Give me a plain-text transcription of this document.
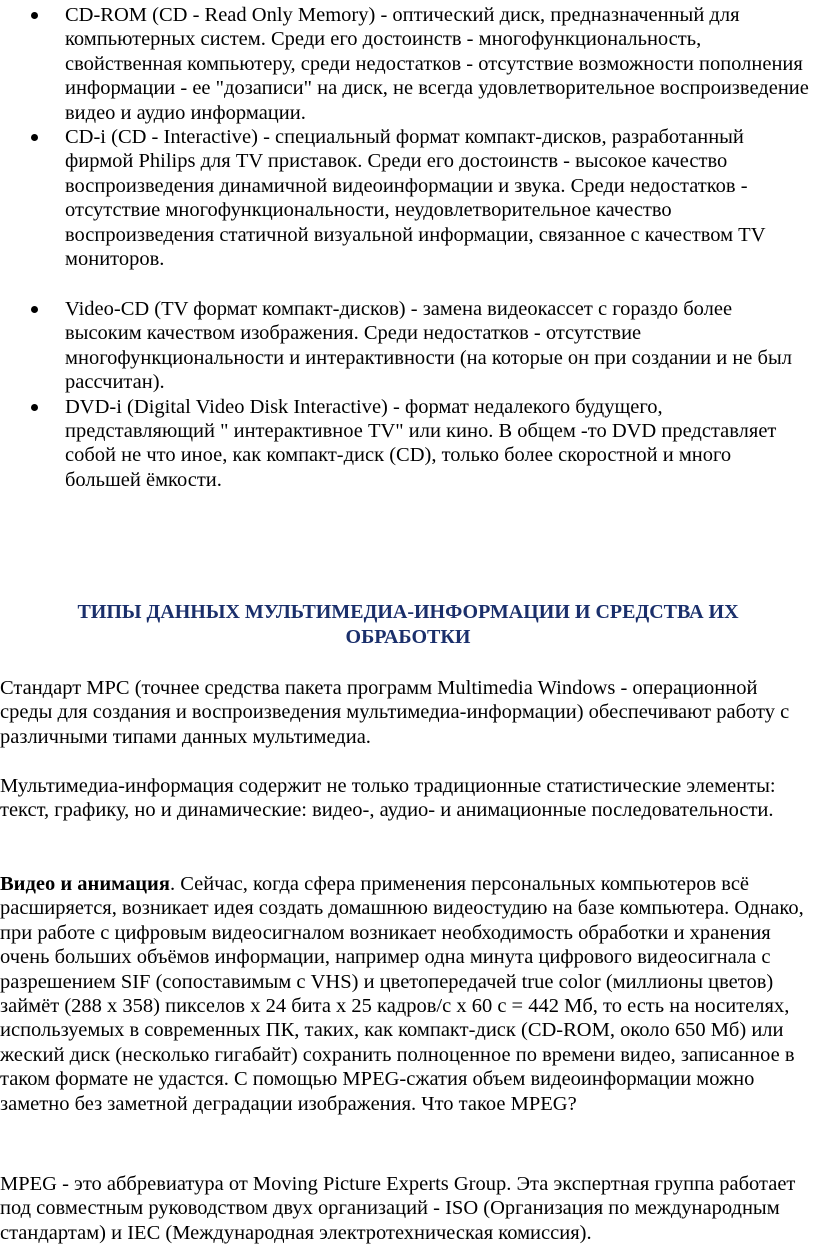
CD-ROM (CD - Read Only Memory) - оптический диск, предназначенный для компьютерных систем. Среди его достоинств - многофункциональность, свойственная компьютеру, среди недостатков - отсутствие возможности пополнения информации - ее "дозаписи" на диск, не всегда удовлетворительное воспроизведение видео и аудио информации.
CD-i (CD - Interactive) - специальный формат компакт-дисков, разработанный фирмой Philips для TV приставок. Среди его достоинств - высокое качество воспроизведения динамичной видеоинформации и звука. Среди недостатков - отсутствие многофункциональности, неудовлетворительное качество воспроизведения статичной визуальной информации, связанное с качеством TV мониторов.
Video-CD (TV формат компакт-дисков) - замена видеокассет с гораздо более высоким качеством изображения. Среди недостатков - отсутствие многофункциональности и интерактивности (на которые он при создании и не был рассчитан).
DVD-i (Digital Video Disk Interactive) - формат недалекого будущего, представляющий " интерактивное TV" или кино. В общем -то DVD представляет собой не что иное, как компакт-диск (CD), только более скоростной и много большей ёмкости.
ТИПЫ ДАННЫХ МУЛЬТИМЕДИА-ИНФОРМАЦИИ И СРЕДСТВА ИХ
ОБРАБОТКИ

Стандарт MPC (точнее средства пакета программ Multimedia Windows - операционной среды для создания и воспроизведения мультимедиа-информации) обеспечивают работу с различными типами данных мультимедиа.

Мультимедиа-информация содержит не только традиционные статистические элементы: текст, графику, но и динамические: видео-, аудио- и анимационные последовательности.

Видео и анимация. Сейчас, когда сфера применения персональных компьютеров всё расширяется, возникает идея создать домашнюю видеостудию на базе компьютера. Однако, при работе с цифровым видеосигналом возникает необходимость обработки и хранения очень больших объёмов информации, например одна минута цифрового видеосигнала с разрешением SIF (сопоставимым с VHS) и цветопередачей true color (миллионы цветов) займёт (288 х 358) пикселов х 24 бита х 25 кадров/с х 60 с = 442 Мб, то есть на носителях, используемых в современных ПК, таких, как компакт-диск (CD-ROM, около 650 Мб) или жеский диск (несколько гигабайт) сохранить полноценное по времени видео, записанное в таком формате не удастся. С помощью MPEG-сжатия объем видеоинформации можно заметно без заметной деградации изображения. Что такое MPEG?

MPEG - это аббревиатура от Moving Picture Experts Group. Эта экспертная группа работает под совместным руководством двух организаций - ISO (Организация по международным стандартам) и IEC (Международная электротехническая комиссия).
